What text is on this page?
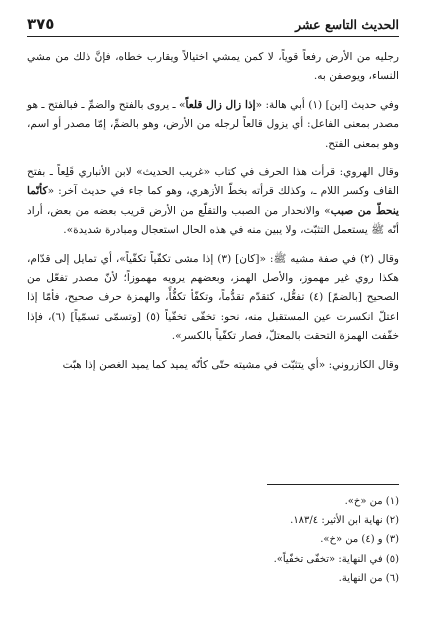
الحديث التاسع عشر
٣٧٥

رجليه من الأرض رفعاً قوياً، لا كمن يمشي اختيالاً ويقارب خطاه، فإنَّ ذلك من مشي النساء، ويوصفن به.

وفي حديث [ابن] (١) أبي هالة: «إذا زال زال قلعاً» ـ يروى بالفتح والضمِّ ـ فبالفتح ـ هو مصدر بمعنى الفاعل: أي يزول قالعاً لرجله من الأرض، وهو بالضمِّ، إمّا مصدر أو اسم، وهو بمعنى الفتح.

وقال الهروي: قرأت هذا الحرف في كتاب «غريب الحديث» لابن الأنباري قَلِعاً ـ بفتح القاف وكسر اللام ـ، وكذلك قرأته بخطّ الأزهري، وهو كما جاء في حديث آخر: «كأنّما ينحطّ من صبب» والانحدار من الصبب والتقلّع من الأرض قريب بعضه من بعض، أراد أنّه ﷺ يستعمل التثبّت، ولا يبين منه في هذه الحال استعجال ومبادرة شديدة».

وقال (٢) في صفة مشيه ﷺ: «[كان] (٣) إذا مشى تكفّياً تكفّياً»، أي تمايل إلى قدّام، هكذا روي غير مهموز، والأصل الهمز، وبعضهم يرويه مهموزاً؛ لأنّ مصدر تفعّل من الصحيح [بالضمّ] (٤) تفعُّل، كتقدّم تقدُّماً، وتكفّأ تكفُّأً، والهمزة حرف صحيح، فأمّا إذا اعتلّ انكسرت عين المستقبل منه، نحو: تخفّى تخفّياً (٥) [وتسمّى تسمّياً] (٦)، فإذا خفّفت الهمزة التحقت بالمعتلّ، فصار تكفّياً بالكسر».

وقال الكازروني: «أي يتثبّت في مشيته حتّى كأنّه يميد كما يميد الغصن إذا هبّت

(١) من «خ».
(٢) نهاية ابن الأثير: ١٨٣/٤.
(٣) و (٤) من «خ».
(٥) في النهاية: «تخفّى تخفّياً».
(٦) من النهاية.
